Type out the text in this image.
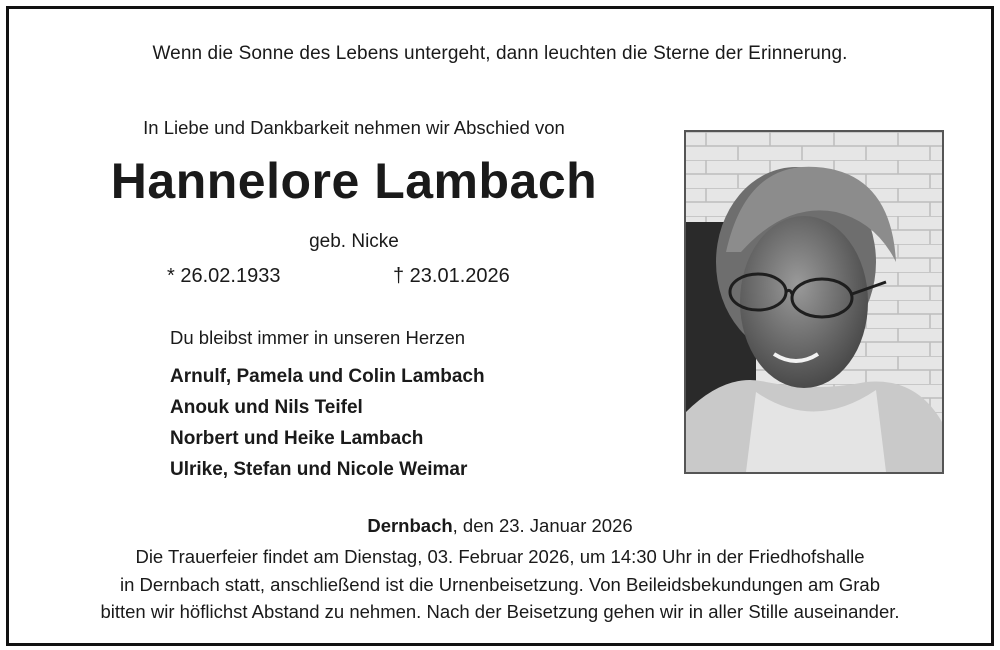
Wenn die Sonne des Lebens untergeht, dann leuchten die Sterne der Erinnerung.
In Liebe und Dankbarkeit nehmen wir Abschied von
Hannelore Lambach
geb. Nicke
* 26.02.1933	† 23.01.2026
Du bleibst immer in unseren Herzen
Arnulf, Pamela und Colin Lambach
Anouk und Nils Teifel
Norbert und Heike Lambach
Ulrike, Stefan und Nicole Weimar
Dernbach, den 23. Januar 2026
Die Trauerfeier findet am Dienstag, 03. Februar 2026, um 14:30 Uhr in der Friedhofshalle
in Dernbach statt, anschließend ist die Urnenbeisetzung. Von Beileidsbekundungen am Grab
bitten wir höflichst Abstand zu nehmen. Nach der Beisetzung gehen wir in aller Stille auseinander.
